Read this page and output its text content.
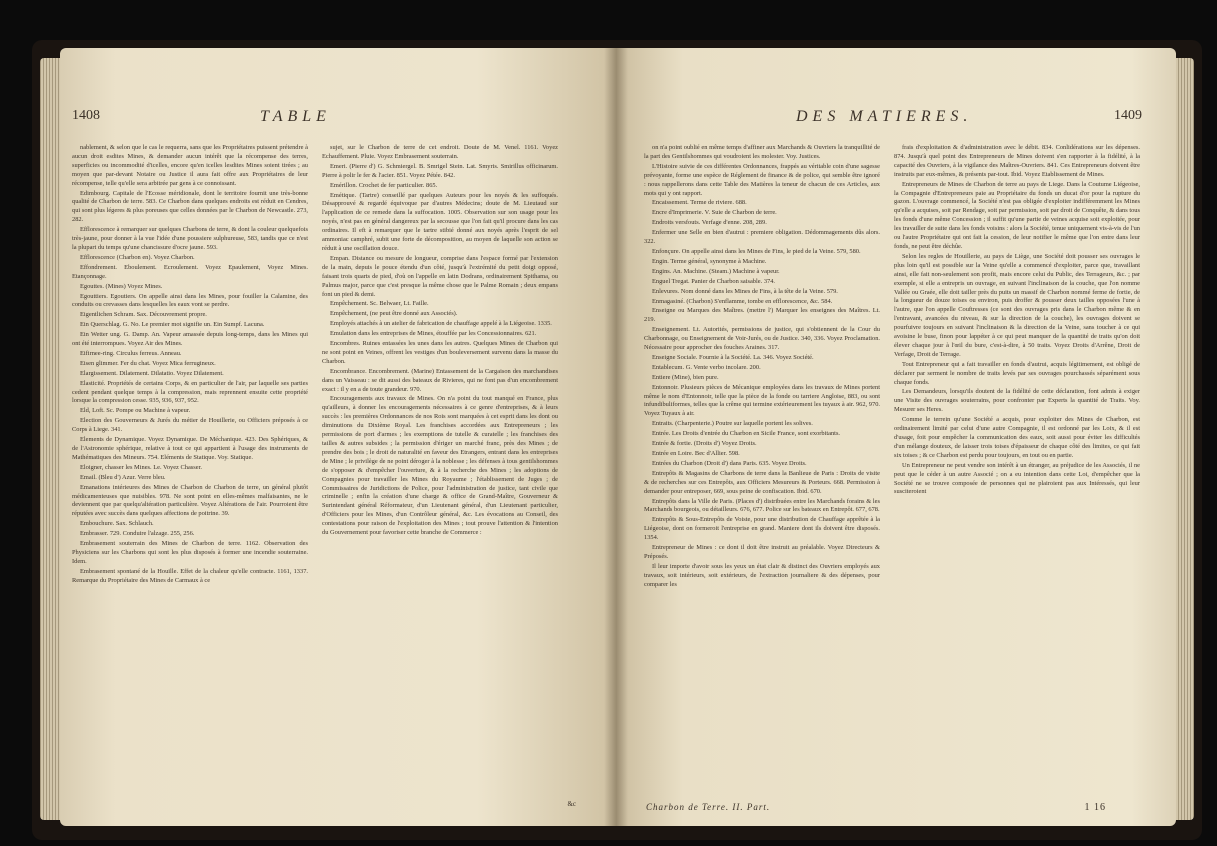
1408	TABLE

nablement, & selon que le cas le requerra, sans que les Propriétaires puissent prétendre à aucun droit esdites Mines, & demander aucun intérêt que la récompense des terres, superficies ou incommodité d'icelles, encore qu'en icelles lesdites Mines soient tirées ; au moyen que par-devant Notaire ou Justice il aura fait offre aux Propriétaires de leur récompense, telle qu'elle sera arbitrée par gens à ce connoissant.

Edimbourg. Capitale de l'Ecosse méridionale, dont le territoire fournit une très-bonne qualité de Charbon de terre. 583. Ce Charbon dans quelques endroits est réduit en Cendres, qui sont plus légeres & plus poreuses que celles données par le Charbon de Newcastle. 273, 282.

Efflorescence à remarquer sur quelques Charbons de terre, & dont la couleur quelquefois très-jaune, pour donner à la vue l'idée d'une poussiere sulphureuse, 583, tandis que ce n'est la plupart du temps qu'une chancissure d'ocre jaune. 593.

Efflorescence (Charbon en). Voyez Charbon.

Effondrement. Eboulement. Ecroulement. Voyez Epaulement, Voyez Mines. Etançonnage.

Egouttes. (Mines) Voyez Mines.

Egouttiers. Egoutiers. On appelle ainsi dans les Mines, pour fouiller la Calamine, des conduits ou crevasses dans lesquelles les eaux vont se perdre.

Eigentlichen Schram. Sax. Découvrement propre.

Ein Querschlag. G. No. Le premier mot signifie un. Ein Sumpf. Lacuna.

Ein Wetter ung. G. Damp. An. Vapeur amassée depuis long-temps, dans les Mines qui ont été interrompues. Voyez Air des Mines.

Eifirnee-ring. Circulus ferreus. Anneau.

Eisen glimmer. Fer du chat. Voyez Mica ferrugineux.

Elargissement. Dilatement. Dilatatio. Voyez Dilatement.

Elasticité. Propriétés de certains Corps, & en particulier de l'air, par laquelle ses parties cedent pendant quelque temps à la compression, mais reprennent ensuite cette propriété lorsque la compression cesse. 935, 936, 937, 952.

Eld, Loft. Sc. Pompe ou Machine à vapeur.

Election des Gouverneurs & Jurés du métier de Houillerie, ou Officiers préposés à ce Corps à Liege. 341.

Elements de Dynamique. Voyez Dynamique. De Méchanique. 423. Des Sphériques, & de l'Astronomie sphérique, relative à tout ce qui appartient à l'usage des instruments de Mathématiques des Mineurs. 754. Eléments de Statique. Voy. Statique.

Eloigner, chasser les Mines. Le. Voyez Chasser.

Email. (Bleu d') Azur. Verre bleu.

Emanations intérieures des Mines de Charbon de Charbon de terre, un général plutôt médicamenteuses que nuisibles. 978. Ne sont point en elles-mêmes malfaisantes, ne le deviennent que par quelqu'altération particulière. Voyez Altérations de l'air. Pourroient être réputées avec succès dans quelques affections de poitrine. 39.

Embouchure. Sax. Schlauch.

Embrasser. 729. Conduire l'alzage. 255, 256.

Embrasement souterrain des Mines de Charbon de terre. 1162. Observation des Physiciens sur les Charbons qui sont les plus disposés à former une incendie souterraine. Idem.

Embrasement spontané de la Houille. Effet de la chaleur qu'elle contracte. 1161, 1337. Remarque du Propriétaire des Mines de Carmaux à ce

sujet, sur le Charbon de terre de cet endroit. Doute de M. Venel. 1161. Voyez Echauffement. Pluie. Voyez Embrasement souterrain.

Emeri. (Pierre d') G. Schmiergel. B. Smrigel Stein. Lat. Smyris. Smirillus officinarum. Pierre à polir le fer & l'acier. 851. Voyez Pétée. 842.

Emérillon. Crochet de fer particulier. 865.

Emétique. (Tartre) conseillé par quelques Auteurs pour les noyés & les suffoqués. Désapprouvé & regardé équivoque par d'autres Médecins; doute de M. Lieutaud sur l'application de ce remede dans la suffocation. 1005. Observation sur son usage pour les noyés, n'est pas en général dangereux par la secousse que l'on fait qu'il procure dans les cas ordinaires. Il eft à remarquer que le tartre stibié donné aux noyés après l'esprit de sel ammoniac camphré, subit une forte de décomposition, au moyen de laquelle son action se réduit à une oscillation douce.

Empan. Distance ou mesure de longueur, comprise dans l'espace formé par l'extension de la main, depuis le pouce étendu d'un côté, jusqu'à l'extrémité du petit doigt opposé, faisant trois quarts de pied, d'où on l'appelle en latin Dodrans, ordinairement Spithama, ou Palmus major, parce que c'est presque la même chose que le Palme Romain ; deux empans font un pied & demi.

Empêchement. Sc. Belwaer, Lt. Faille.

Empêchement, (ne peut être donné aux Associés).

Employés attachés à un atelier de fabrication de chauffage appelé à la Liégeoise. 1335.

Emulation dans les entreprises de Mines, étouffée par les Concessionnaires. 621.

Encombres. Ruines entassées les unes dans les autres. Quelques Mines de Charbon qui ne sont point en Veines, offrent les vestiges d'un bouleversement survenu dans la masse du Charbon.

Encombrance. Encombrement. (Marine) Entassement de la Cargaison des marchandises dans un Vaisseau : se dit aussi des bateaux de Rivieres, qui ne font pas d'un encombrement exact : il y en a de toute grandeur. 970.

Encouragements aux travaux de Mines. On n'a point du tout manqué en France, plus qu'ailleurs, à donner les encouragements nécessaires à ce genre d'entreprises, & à leurs succès : les premières Ordonnances de nos Rois sont marquées à cet esprit dans les dont ou diminutions du Dixième Royal. Les franchises accordées aux Entrepreneurs ; les permissions de port d'armes ; les exemptions de tutelle & curatelle ; les franchises des tailles & autres subsides ; la permission d'ériger un marché franc, près des Mines ; de prendre des bois ; le droit de naturalité en faveur des Etrangers, entrant dans les entreprises de Mine ; le privilège de ne point déroger à la noblesse ; les défenses à tous gentilshommes de s'opposer & d'empêcher l'ouverture, & à la recherche des Mines ; les adoptions de Compagnies pour travailler les Mines du Royaume ; l'établissement de Juges ; de Commissaires de Juridictions de Police, pour l'administration de justice, tant civile que criminelle ; enfin la création d'une charge & office de Grand-Maître, Gouverneur & Surintendant général Réformateur, d'un Lieutenant général, d'un Lieutenant particulier, d'Officiers pour les Mines, d'un Contrôleur général, &c. Les évocations au Conseil, des contestations pour raison de l'exploitation des Mines ; tout prouve l'attention & l'intention du Gouvernement pour favoriser cette branche de Commerce :

&c
DES MATIERES.	1409

on n'a point oublié en même temps d'affiner aux Marchands & Ouvriers la tranquillité de la part des Gentilshommes qui voudroient les molester. Voy. Justices.

L'Histoire suivie de ces différentes Ordonnances, frappés au véritable coin d'une sagesse prévoyante, forme une espèce de Réglement de finance & de police, qui semble être ignoré : nous rappellerons dans cette Table des Matières la teneur de chacun de ces Articles, aux mots qui y ont rapport.

Encaissement. Terme de riviere. 688.

Encre d'Imprimerie. V. Suie de Charbon de terre.

Endroits versfouts. Verfage d'enne. 208, 289.

Enfermer une Selle en bien d'autrui : premiere obligation. Dédommagements dûs alors. 322.

Enfonçure. On appelle ainsi dans les Mines de Fins, le pied de la Veine. 579, 580.

Engin. Terme général, synonyme à Machine.

Engins. An. Machine. (Steam.) Machine à vapeur.

Enguel Tregat. Panier de Charbon saisable. 374.

Enlevures. Nom donné dans les Mines de Fins, à la tête de la Veine. 579.

Enmagasiné. (Charbon) S'enflamme, tombe en efflorescence, &c. 584.

Enseigne ou Marques des Maîtres. (mettre l') Marquer les enseignes des Maîtres. Lt. 219.

Enseignement. Lt. Autorités, permissions de justice, qui s'obtiennent de la Cour du Charbonnage, ou Enseignement de Voir-Jurés, ou de Justice. 340, 336. Voyez Proclamation. Nécessaire pour approcher des fouches Araines. 317.

Enseigne Sociale. Fournie à la Société. La. 346. Voyez Société.

Entablecum. G. Vente verbo incolare. 200.

Entiere (Mine), bien pure.

Entonnoir. Plusieurs pièces de Mécanique employées dans les travaux de Mines portent même le nom d'Entonnoir, telle que la pièce de la fonde ou tarriere Angloise, 883, ou sont infundibuliformes, telles que la crême qui termine extérieurement les tuyaux à air. 962, 970. Voyez Tuyaux à air.

Entraits. (Charpenterie.) Poutre sur laquelle portent les solives.

Entrée. Les Droits d'entrée du Charbon en Sicile France, sont exorbitants.

Entrée & fortie. (Droits d') Voyez Droits.

Entrée en Loire. Bec d'Allier. 598.

Entrées du Charbon (Droit d') dans Paris. 635. Voyez Droits.

Entrepôts & Magasins de Charbons de terre dans la Banlieue de Paris : Droits de visite & de recherches sur ces Entrepôts, aux Officiers Mesureurs & Porteurs. 668. Permission à demander pour entreposer, 669, sous peine de confiscation. Ibid. 670.

Entrepôts dans la Ville de Paris. (Places d') distribuées entre les Marchands forains & les Marchands bourgeois, ou détailleurs. 676, 677. Police sur les bateaux en Entrepôt. 677, 678.

Entrepôts & Sous-Entrepôts de Voiste, pour une distribution de Chauffage apprêtée à la Liégeoise, dont on formeroit l'entreprise en grand. Maniere dont ils doivent être disposés. 1354.

Entrepreneur de Mines : ce dont il doit être instruit au préalable. Voyez Directeurs & Préposés.

Il leur importe d'avoir sous les yeux un état clair & distinct des Ouvriers employés aux travaux, soit intérieurs, soit extérieurs, de l'extraction journaliere & des dépenses, pour comparer les

frais d'exploitation & d'administration avec le débit. 834. Conlidérations sur les dépenses. 874. Jusqu'à quel point des Entrepreneurs de Mines doivent s'en rapporter à la fidélité, à la capacité des Ouvriers, à la vigilance des Maîtres-Ouvriers. 841. Ces Entrepreneurs doivent être instruits par eux-mêmes, & présents par-tout. Ibid. Voyez Etablissement de Mines.

Entrepreneurs de Mines de Charbon de terre au pays de Liege. Dans la Coutume Liégeoise, la Compagnie d'Entrepreneurs paie au Propriétaire du fonds un ducat d'or pour la rupture du gazon. L'ouvrage commencé, la Société n'est pas obligée d'exploiter indifféremment les Mines qu'elle a acquises, soit par Rendage, soit par permission, soit par droit de Conquête, & dans tous les fonds d'une même Concession ; il suffit qu'une partie de veines acquise soit exploitée, pour les travailler de suite dans les fonds voisins : alors la Société, tenue uniquement vis-à-vis de l'un ou l'autre Propriétaire qui ont fait la cession, de leur notifier le même que l'on entre dans leur fonds, ne peut être déchûe.

Selon les regles de Houillerie, au pays de Liège, une Société doit pousser ses ouvrages le plus loin qu'il est possible sur la Veine qu'elle a commencé d'exploiter, parce que, travaillant ainsi, elle fait non-seulement son profit, mais encore celui du Public, des Terrageurs, &c. ; par exemple, si elle a entrepris un ouvrage, en suivant l'inclinaison de la couche, que l'on nomme Vallée ou Graée, elle doit tailler près du puits un massif de Charbon nommé ferme de fortie, de la longueur de douze toises ou environ, puis droffer & pousser deux tailles opposées l'une à l'autre, que l'on appelle Couftresses (ce sont des ouvrages pris dans le Charbon même & en l'entravant, avancées du niveau, & sur la direction de la couche), les ouvrages doivent se pourfuivre toujours en suivant l'inclinaison & la direction de la Veine, sans toucher à ce qui avoisine le buse, finon pour lappéter à ce qui peut manquer de la quantité de traits qu'on doit élever chaque jour à l'œil du bure, c'est-à-dire, à 50 traits. Voyez Droits d'Arrêne, Droit de Verfage, Droit de Terrage.

Tout Entrepreneur qui a fait travailler en fonds d'autrui, acquis légitimement, est obligé de déclarer par serment le nombre de traits levés par ses ouvrages pourchassés séparément sous chaque fonds.

Les Demandeurs, lorsqu'ils doutent de la fidélité de cette déclaration, font admis à exiger une Visite des ouvrages souterrains, pour confronter par Experts la quantité de Traits. Voy. Mesurer ses Heres.

Comme le terrein qu'une Société a acquis, pour exploiter des Mines de Charbon, est ordinairement limité par celui d'une autre Compagnie, il est ordonné par les Loix, & il est d'usage, foit pour empêcher la communication des eaux, soit aussi pour éviter les difficultés d'un mélange douteux, de laisser trois toises d'épaisseur de chaque côté des limites, ce qui fait six toises ; & ce Charbon est perdu pour toujours, en tout ou en partie.

Un Entrepreneur ne peut vendre son intérêt à un étranger, au préjudice de les Associés, il ne peut que le céder à un autre Associé ; on a eu intention dans cette Loi, d'empêcher que la Société ne se trouve composée de personnes qui ne plairoient pas aux Intéressés, qui leur susciteroient

Charbon de Terre. II. Part.	1 16
